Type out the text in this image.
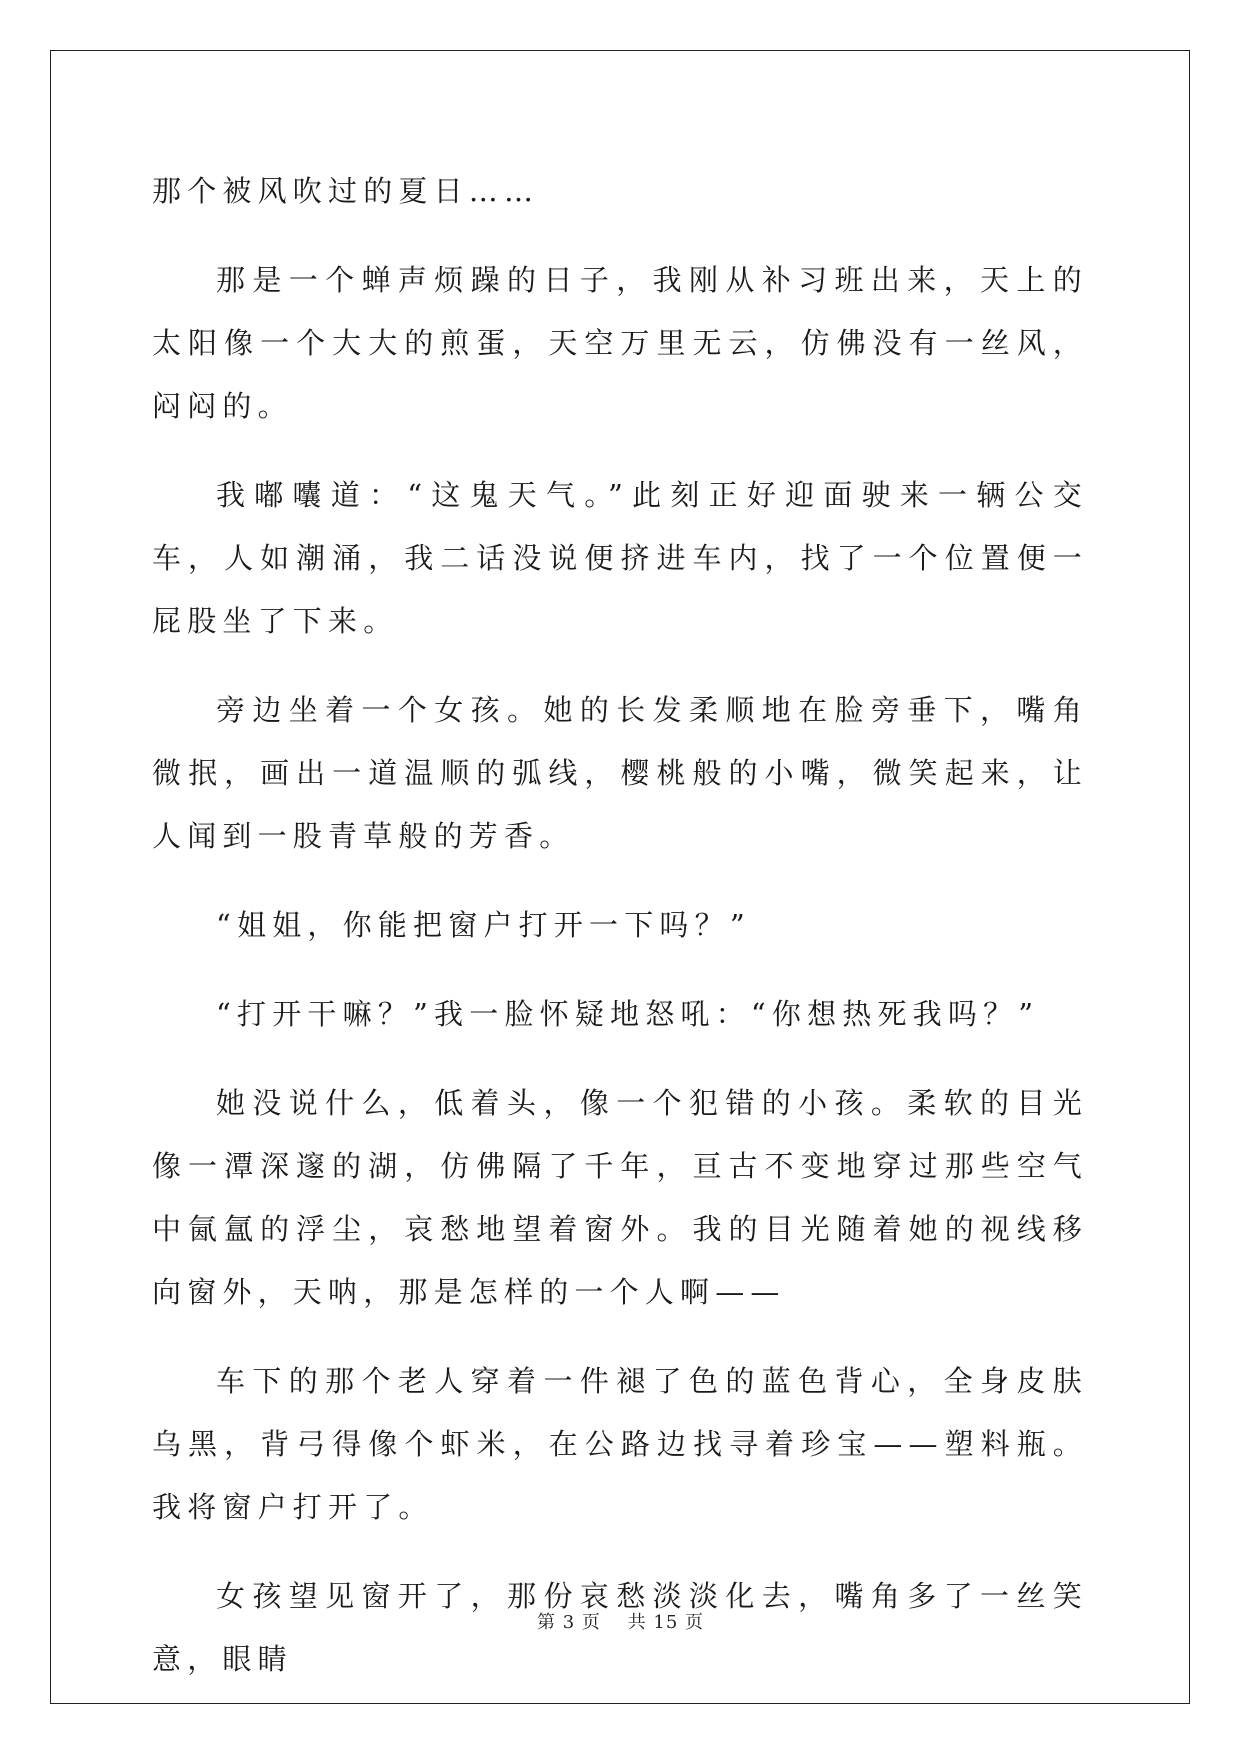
那个被风吹过的夏日……

那是一个蝉声烦躁的日子，我刚从补习班出来，天上的太阳像一个大大的煎蛋，天空万里无云，仿佛没有一丝风，闷闷的。

我嘟囔道：“这鬼天气。”此刻正好迎面驶来一辆公交车，人如潮涌，我二话没说便挤进车内，找了一个位置便一屁股坐了下来。

旁边坐着一个女孩。她的长发柔顺地在脸旁垂下，嘴角微抿，画出一道温顺的弧线，樱桃般的小嘴，微笑起来，让人闻到一股青草般的芳香。

“姐姐，你能把窗户打开一下吗？”

“打开干嘛？”我一脸怀疑地怒吼：“你想热死我吗？”

她没说什么，低着头，像一个犯错的小孩。柔软的目光像一潭深邃的湖，仿佛隔了千年，亘古不变地穿过那些空气中氤氲的浮尘，哀愁地望着窗外。我的目光随着她的视线移向窗外，天呐，那是怎样的一个人啊——

车下的那个老人穿着一件褪了色的蓝色背心，全身皮肤乌黑，背弓得像个虾米，在公路边找寻着珍宝——塑料瓶。我将窗户打开了。

女孩望见窗开了，那份哀愁淡淡化去，嘴角多了一丝笑意，眼睛

第 3 页 共 15 页
